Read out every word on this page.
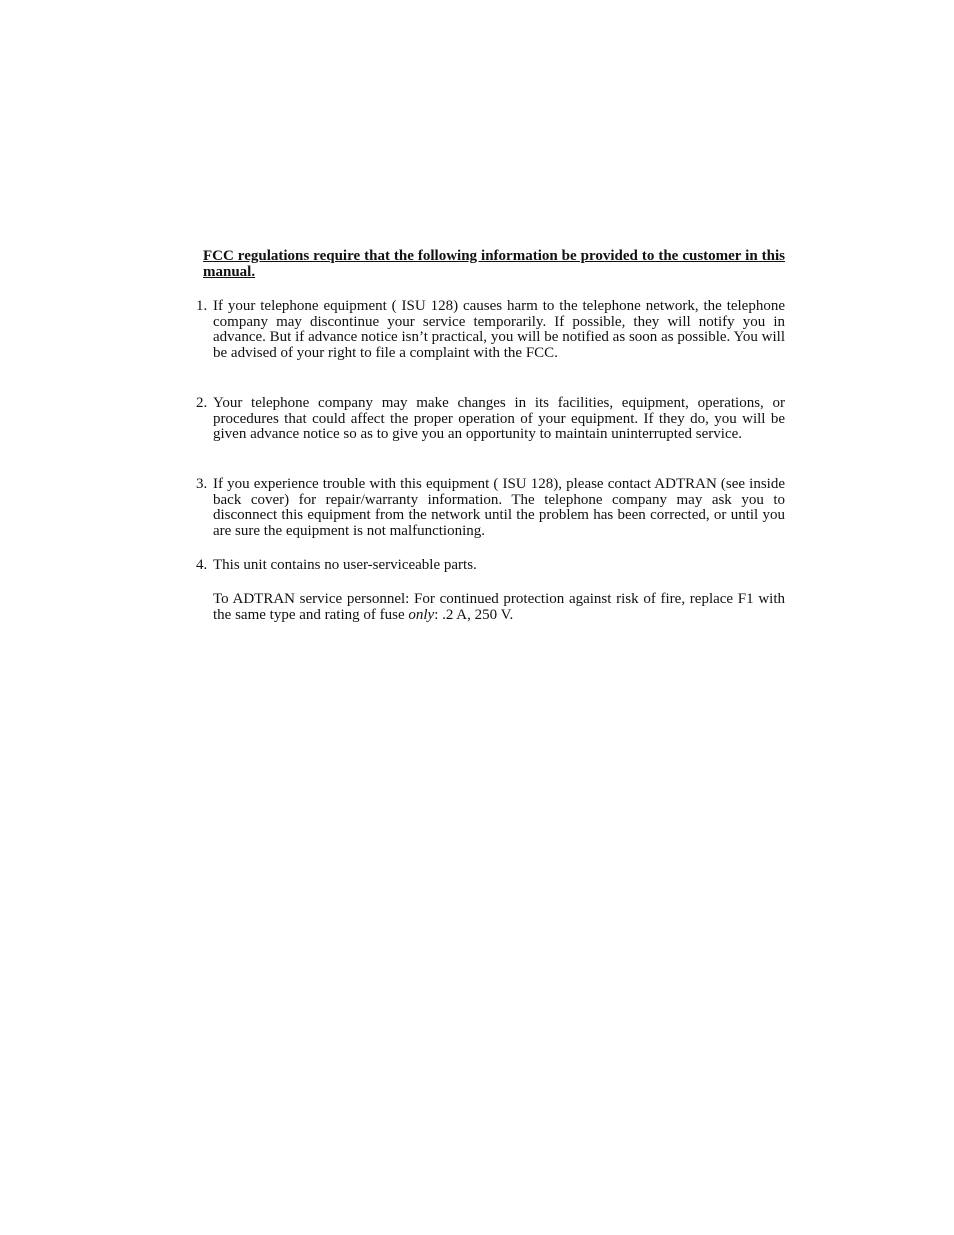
FCC regulations require that the following information be provided to the customer in this manual.
1. If your telephone equipment ( ISU 128) causes harm to the telephone network, the telephone company may discontinue your service temporarily. If possible, they will notify you in advance. But if advance notice isn’t practical, you will be notified as soon as possible. You will be advised of your right to file a complaint with the FCC.
2. Your telephone company may make changes in its facilities, equipment, operations, or procedures that could affect the proper operation of your equipment. If they do, you will be given advance notice so as to give you an opportunity to maintain uninterrupted service.
3. If you experience trouble with this equipment ( ISU 128), please contact ADTRAN (see inside back cover) for repair/warranty information. The telephone company may ask you to disconnect this equipment from the network until the problem has been corrected, or until you are sure the equipment is not malfunctioning.
4. This unit contains no user-serviceable parts.
To ADTRAN service personnel: For continued protection against risk of fire, replace F1 with the same type and rating of fuse only: .2 A, 250 V.
